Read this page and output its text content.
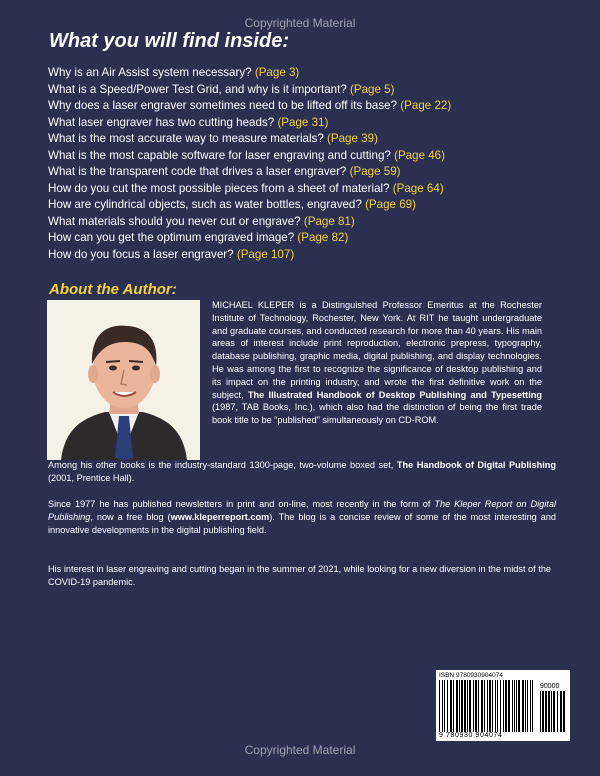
Copyrighted Material
What you will find inside:
Why is an Air Assist system necessary? (Page 3)
What is a Speed/Power Test Grid, and why is it important? (Page 5)
Why does a laser engraver sometimes need to be lifted off its base? (Page 22)
What laser engraver has two cutting heads? (Page 31)
What is the most accurate way to measure materials? (Page 39)
What is the most capable software for laser engraving and cutting? (Page 46)
What is the transparent code that drives a laser engraver? (Page 59)
How do you cut the most possible pieces from a sheet of material? (Page 64)
How are cylindrical objects, such as water bottles, engraved? (Page 69)
What materials should you never cut or engrave? (Page 81)
How can you get the optimum engraved image? (Page 82)
How do you focus a laser engraver? (Page 107)
About the Author:
MICHAEL KLEPER is a Distinguished Professor Emeritus at the Rochester Institute of Technology, Rochester, New York. At RIT he taught undergraduate and graduate courses, and conducted research for more than 40 years. His main areas of interest include print reproduction, electronic prepress, typography, database publishing, graphic media, digital publishing, and display technologies. He was among the first to recognize the significance of desktop publishing and its impact on the printing industry, and wrote the first definitive work on the subject, The Illustrated Handbook of Desktop Publishing and Typesetting (1987, TAB Books, Inc.), which also had the distinction of being the first trade book title to be “published” simultaneously on CD-ROM.
Among his other books is the industry-standard 1300-page, two-volume boxed set, The Handbook of Digital Publishing (2001, Prentice Hall).
Since 1977 he has published newsletters in print and on-line, most recently in the form of The Kleper Report on Digital Publishing, now a free blog (www.kleperreport.com). The blog is a concise review of some of the most interesting and innovative developments in the digital publishing field.
His interest in laser engraving and cutting began in the summer of 2021, while looking for a new diversion in the midst of the COVID-19 pandemic.
ISBN 9780930904074
90000
9 780930 904074
Copyrighted Material
